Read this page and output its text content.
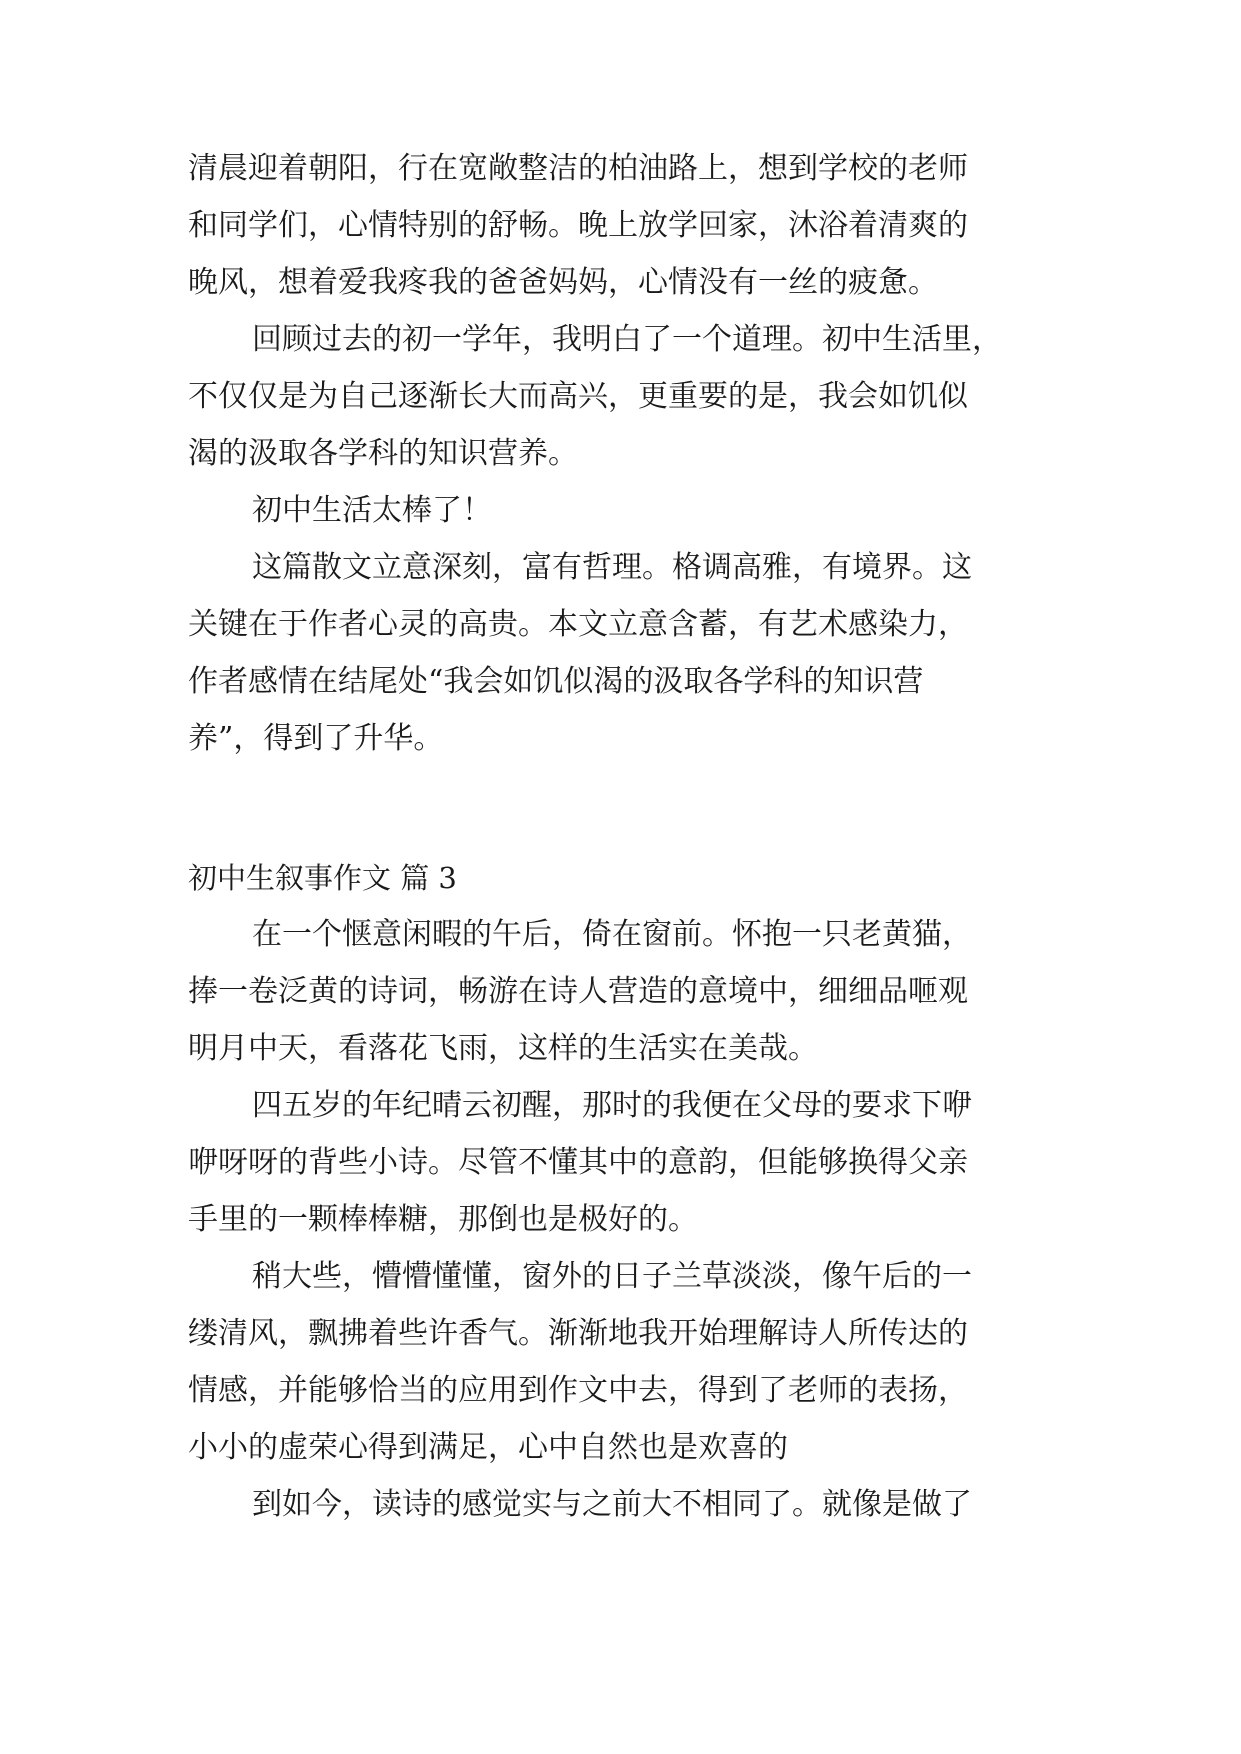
清晨迎着朝阳，行在宽敞整洁的柏油路上，想到学校的老师
和同学们，心情特别的舒畅。晚上放学回家，沐浴着清爽的
晚风，想着爱我疼我的爸爸妈妈，心情没有一丝的疲惫。
回顾过去的初一学年，我明白了一个道理。初中生活里，
不仅仅是为自己逐渐长大而高兴，更重要的是，我会如饥似
渴的汲取各学科的知识营养。
初中生活太棒了！
这篇散文立意深刻，富有哲理。格调高雅，有境界。这
关键在于作者心灵的高贵。本文立意含蓄，有艺术感染力，
作者感情在结尾处“我会如饥似渴的汲取各学科的知识营
养”，得到了升华。
初中生叙事作文 篇 3
在一个惬意闲暇的午后，倚在窗前。怀抱一只老黄猫，
捧一卷泛黄的诗词，畅游在诗人营造的意境中，细细品咂观
明月中天，看落花飞雨，这样的生活实在美哉。
四五岁的年纪晴云初醒，那时的我便在父母的要求下咿
咿呀呀的背些小诗。尽管不懂其中的意韵，但能够换得父亲
手里的一颗棒棒糖，那倒也是极好的。
稍大些，懵懵懂懂，窗外的日子兰草淡淡，像午后的一
缕清风，飘拂着些许香气。渐渐地我开始理解诗人所传达的
情感，并能够恰当的应用到作文中去，得到了老师的表扬，
小小的虚荣心得到满足，心中自然也是欢喜的
到如今，读诗的感觉实与之前大不相同了。就像是做了
